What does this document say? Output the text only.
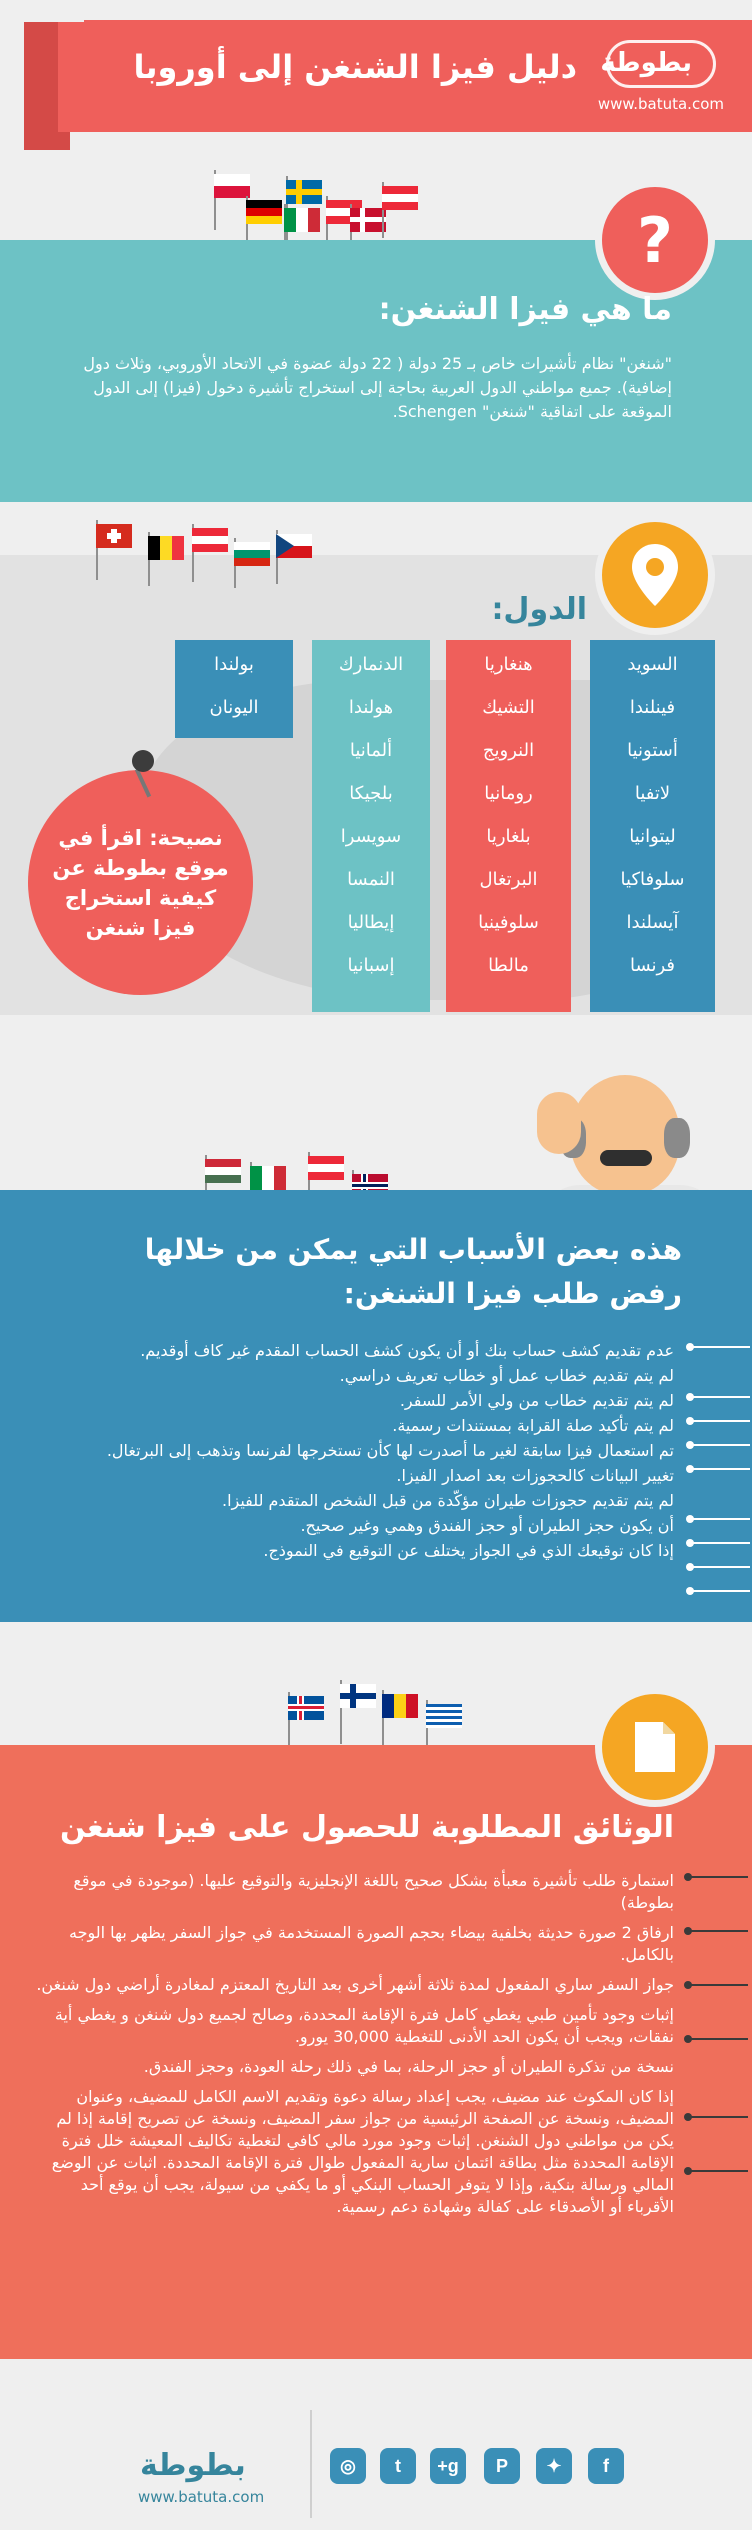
دليل فيزا الشنغن إلى أوروبا بطوطة
www.batuta.com
?
ما هي فيزا الشنغن:
"شنغن" نظام تأشيرات خاص بـ 25 دولة ( 22 دولة عضوة في الاتحاد الأوروبي، وثلاث دول إضافية). جميع مواطني الدول العربية بحاجة إلى استخراج تأشيرة دخول (فيزا) إلى الدول الموقعة على اتفاقية "شنغن" Schengen.
الدول:
السويد
فينلندا
أستونيا
لاتفيا
ليتوانيا
سلوفاكيا
آيسلندا
فرنسا
هنغاريا
التشيك
النرويج
رومانيا
بلغاريا
البرتغال
سلوفينيا
مالطا
الدنمارك
هولندا
ألمانيا
بلجيكا
سويسرا
النمسا
إيطاليا
إسبانيا
بولندا
اليونان
نصيحة: اقرأ في موقع بطوطة عن كيفية استخراج فيزا شنغن
هذه بعض الأسباب التي يمكن من خلالها رفض طلب فيزا الشنغن:
عدم تقديم كشف حساب بنك أو أن يكون كشف الحساب المقدم غير كاف أوقديم.
لم يتم تقديم خطاب عمل أو خطاب تعريف دراسي.
لم يتم تقديم خطاب من ولي الأمر للسفر.
لم يتم تأكيد صلة القرابة بمستندات رسمية.
تم استعمال فيزا سابقة لغير ما أصدرت لها كأن تستخرجها لفرنسا وتذهب إلى البرتغال.
تغيير البيانات كالحجوزات بعد اصدار الفيزا.
لم يتم تقديم حجوزات طيران مؤكّدة من قبل الشخص المتقدم للفيزا.
أن يكون حجز الطيران أو حجز الفندق وهمي وغير صحيح.
إذا كان توقيعك الذي في الجواز يختلف عن التوقيع في النموذج.
الوثائق المطلوبة للحصول على فيزا شنغن
استمارة طلب تأشيرة معبأة بشكل صحيح باللغة الإنجليزية والتوقيع عليها. (موجودة في موقع بطوطة)
ارفاق 2 صورة حديثة بخلفية بيضاء بحجم الصورة المستخدمة في جواز السفر يظهر بها الوجه بالكامل.
جواز السفر ساري المفعول لمدة ثلاثة أشهر أخرى بعد التاريخ المعتزم لمغادرة أراضي دول شنغن.
إثبات وجود تأمين طبي يغطي كامل فترة الإقامة المحددة، وصالح لجميع دول شنغن و يغطي أية نفقات، ويجب أن يكون الحد الأدنى للتغطية 30,000 يورو.
نسخة من تذكرة الطيران أو حجز الرحلة، بما في ذلك رحلة العودة، وحجز الفندق.
إذا كان المكوث عند مضيف، يجب إعداد رسالة دعوة وتقديم الاسم الكامل للمضيف، وعنوان المضيف، ونسخة عن الصفحة الرئيسية من جواز سفر المضيف، ونسخة عن تصريح إقامة إذا لم يكن من مواطني دول الشنغن. إثبات وجود مورد مالي كافي لتغطية تكاليف المعيشة خلل فترة الإقامة المحددة مثل بطاقة ائتمان سارية المفعول طوال فترة الإقامة المحددة. اثبات عن الوضع المالي ورسالة بنكية، وإذا لا يتوفر الحساب البنكي أو ما يكفي من سيولة، يجب أن يوقع أحد الأقرباء أو الأصدقاء على كفالة وشهادة دعم رسمية.
بطوطة
www.batuta.com
◎ t g+ P ✦ f
